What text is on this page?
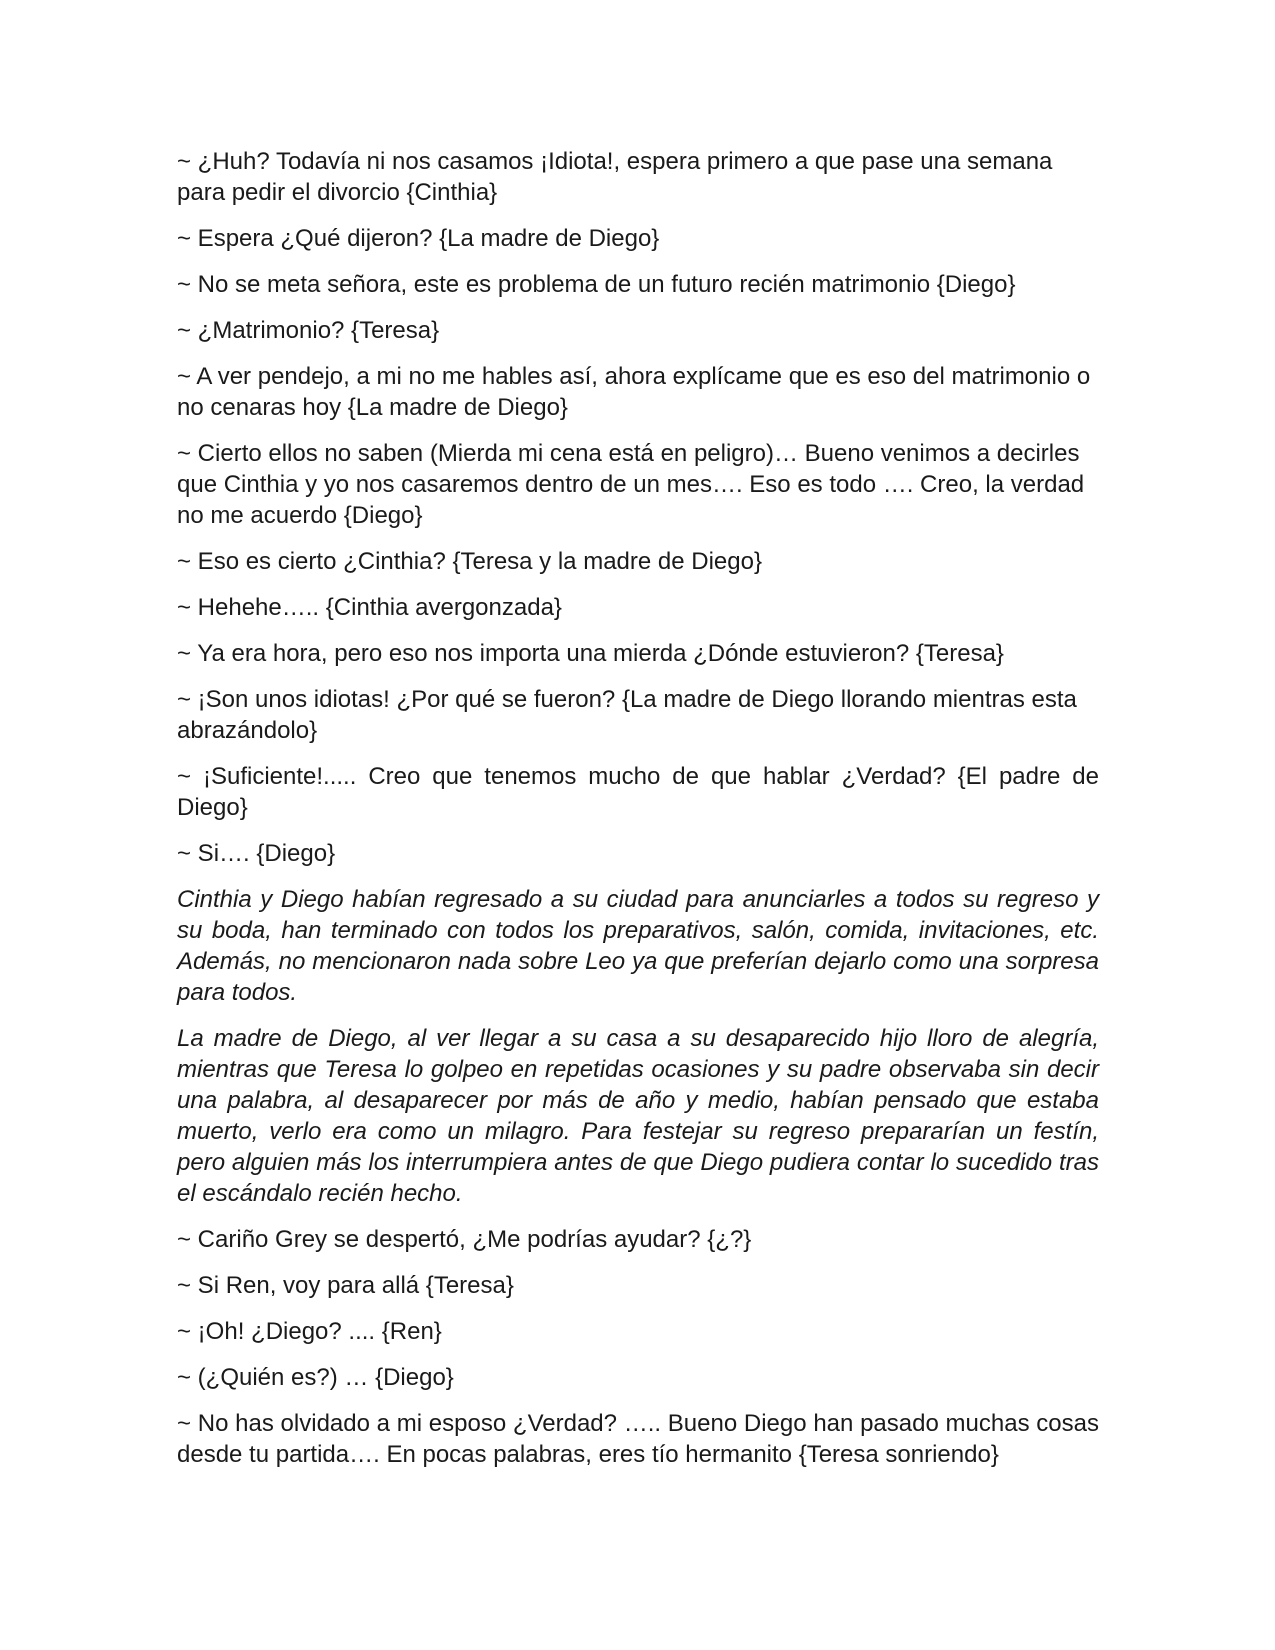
~ ¿Huh? Todavía ni nos casamos ¡Idiota!, espera primero a que pase una semana para pedir el divorcio {Cinthia}

~ Espera ¿Qué dijeron? {La madre de Diego}

~ No se meta señora, este es problema de un futuro recién matrimonio {Diego}

~ ¿Matrimonio? {Teresa}

~ A ver pendejo, a mi no me hables así, ahora explícame que es eso del matrimonio o no cenaras hoy {La madre de Diego}

~ Cierto ellos no saben (Mierda mi cena está en peligro)… Bueno venimos a decirles que Cinthia y yo nos casaremos dentro de un mes…. Eso es todo …. Creo, la verdad no me acuerdo {Diego}

~ Eso es cierto ¿Cinthia? {Teresa y la madre de Diego}

~ Hehehe….. {Cinthia avergonzada}

~ Ya era hora, pero eso nos importa una mierda ¿Dónde estuvieron? {Teresa}

~ ¡Son unos idiotas! ¿Por qué se fueron? {La madre de Diego llorando mientras esta abrazándolo}

~ ¡Suficiente!..... Creo que tenemos mucho de que hablar ¿Verdad? {El padre de Diego}

~ Si…. {Diego}

Cinthia y Diego habían regresado a su ciudad para anunciarles a todos su regreso y su boda, han terminado con todos los preparativos, salón, comida, invitaciones, etc. Además, no mencionaron nada sobre Leo ya que preferían dejarlo como una sorpresa para todos.

La madre de Diego, al ver llegar a su casa a su desaparecido hijo lloro de alegría, mientras que Teresa lo golpeo en repetidas ocasiones y su padre observaba sin decir una palabra, al desaparecer por más de año y medio, habían pensado que estaba muerto, verlo era como un milagro. Para festejar su regreso prepararían un festín, pero alguien más los interrumpiera antes de que Diego pudiera contar lo sucedido tras el escándalo recién hecho.

~ Cariño Grey se despertó, ¿Me podrías ayudar? {¿?}

~ Si Ren, voy para allá {Teresa}

~ ¡Oh! ¿Diego? .... {Ren}

~ (¿Quién es?) … {Diego}

~ No has olvidado a mi esposo ¿Verdad? ….. Bueno Diego han pasado muchas cosas desde tu partida…. En pocas palabras, eres tío hermanito {Teresa sonriendo}
